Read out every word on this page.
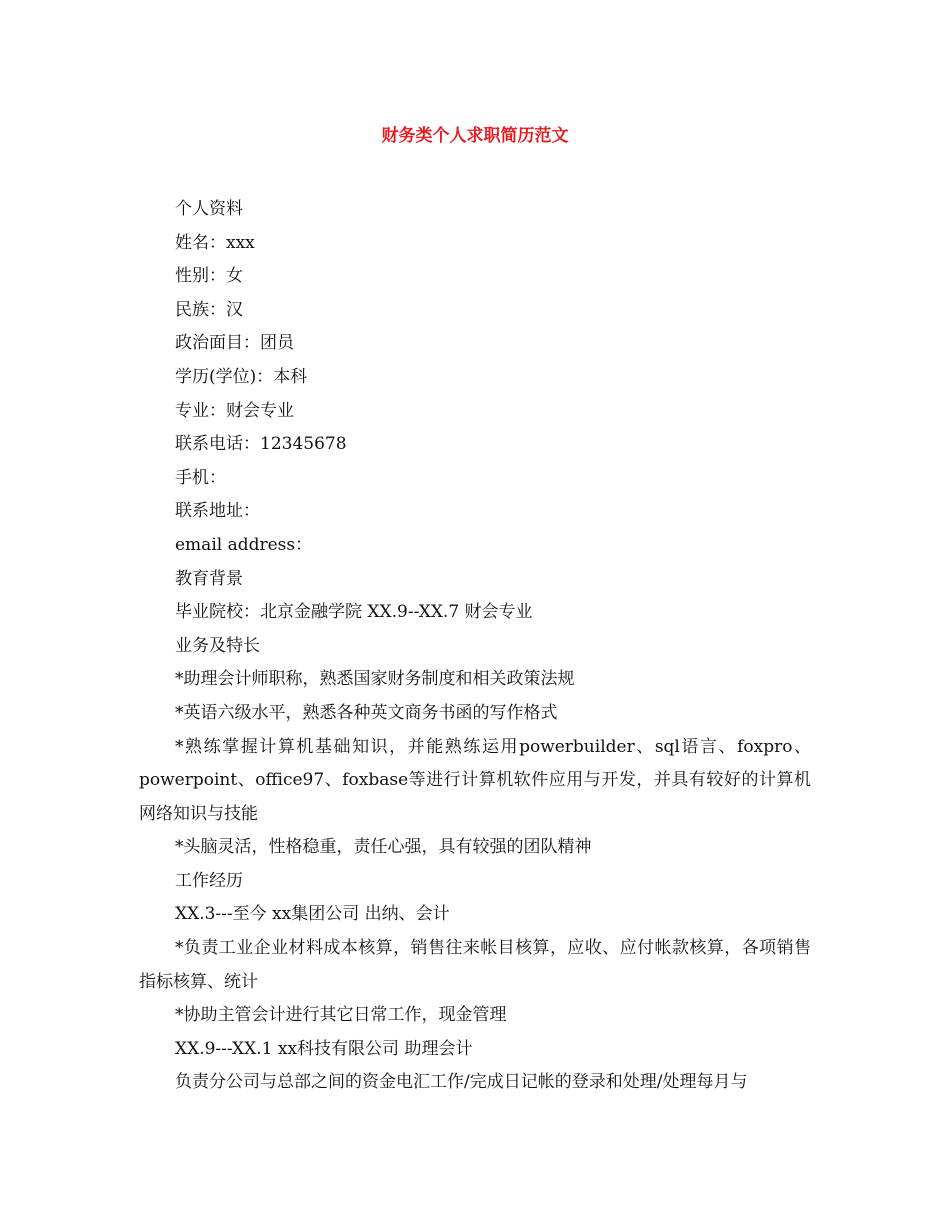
财务类个人求职简历范文

个人资料

姓名：xxx

性别：女

民族：汉

政治面目：团员

学历(学位)：本科

专业：财会专业

联系电话：12345678

手机：

联系地址：

email address：

教育背景

毕业院校：北京金融学院 XX.9--XX.7 财会专业

业务及特长

*助理会计师职称，熟悉国家财务制度和相关政策法规

*英语六级水平，熟悉各种英文商务书函的写作格式

*熟练掌握计算机基础知识，并能熟练运用powerbuilder、sql语言、foxpro、powerpoint、office97、foxbase等进行计算机软件应用与开发，并具有较好的计算机网络知识与技能

*头脑灵活，性格稳重，责任心强，具有较强的团队精神

工作经历

XX.3---至今 xx集团公司 出纳、会计

*负责工业企业材料成本核算，销售往来帐目核算，应收、应付帐款核算，各项销售指标核算、统计

*协助主管会计进行其它日常工作，现金管理

XX.9---XX.1 xx科技有限公司 助理会计

负责分公司与总部之间的资金电汇工作/完成日记帐的登录和处理/处理每月与
